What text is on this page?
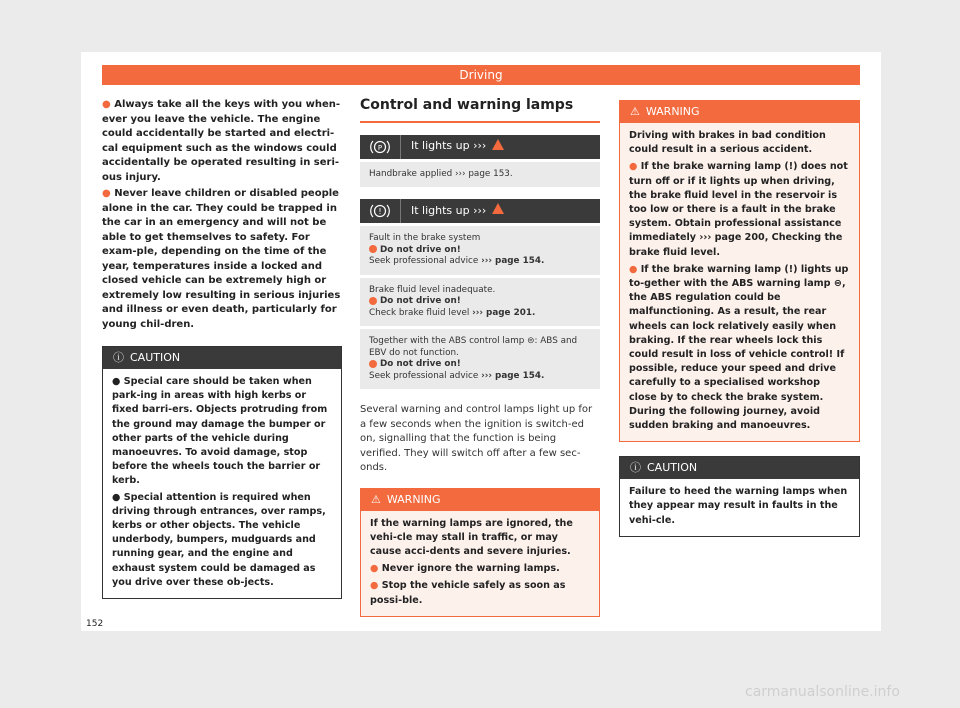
Driving
● Always take all the keys with you when-ever you leave the vehicle. The engine could accidentally be started and electri-cal equipment such as the windows could accidentally be operated resulting in seri-ous injury.
● Never leave children or disabled people alone in the car. They could be trapped in the car in an emergency and will not be able to get themselves to safety. For exam-ple, depending on the time of the year, temperatures inside a locked and closed vehicle can be extremely high or extremely low resulting in serious injuries and illness or even death, particularly for young chil-dren.
ⓘ CAUTION
● Special care should be taken when park-ing in areas with high kerbs or fixed barri-ers. Objects protruding from the ground may damage the bumper or other parts of the vehicle during manoeuvres. To avoid damage, stop before the wheels touch the barrier or kerb.
● Special attention is required when driving through entrances, over ramps, kerbs or other objects. The vehicle underbody, bumpers, mudguards and running gear, and the engine and exhaust system could be damaged as you drive over these ob-jects.
Control and warning lamps
P	It lights up ›››
Handbrake applied ››› page 153.
!	It lights up ›››
Fault in the brake system
Do not drive on!
Seek professional advice ››› page 154.
Brake fluid level inadequate.
Do not drive on!
Check brake fluid level ››› page 201.
Together with the ABS control lamp ⊜: ABS and EBV do not function.
Do not drive on!
Seek professional advice ››› page 154.
Several warning and control lamps light up for a few seconds when the ignition is switch-ed on, signalling that the function is being verified. They will switch off after a few sec-onds.
⚠ WARNING
If the warning lamps are ignored, the vehi-cle may stall in traffic, or may cause acci-dents and severe injuries.
● Never ignore the warning lamps.
● Stop the vehicle safely as soon as possi-ble.
⚠ WARNING
Driving with brakes in bad condition could result in a serious accident.
● If the brake warning lamp (!) does not turn off or if it lights up when driving, the brake fluid level in the reservoir is too low or there is a fault in the brake system. Obtain professional assistance immediately ››› page 200, Checking the brake fluid level.
● If the brake warning lamp (!) lights up to-gether with the ABS warning lamp ⊜, the ABS regulation could be malfunctioning. As a result, the rear wheels can lock relatively easily when braking. If the rear wheels lock this could result in loss of vehicle control! If possible, reduce your speed and drive carefully to a specialised workshop close by to check the brake system. During the following journey, avoid sudden braking and manoeuvres.
ⓘ CAUTION
Failure to heed the warning lamps when they appear may result in faults in the vehi-cle.
152
carmanualsonline.info
